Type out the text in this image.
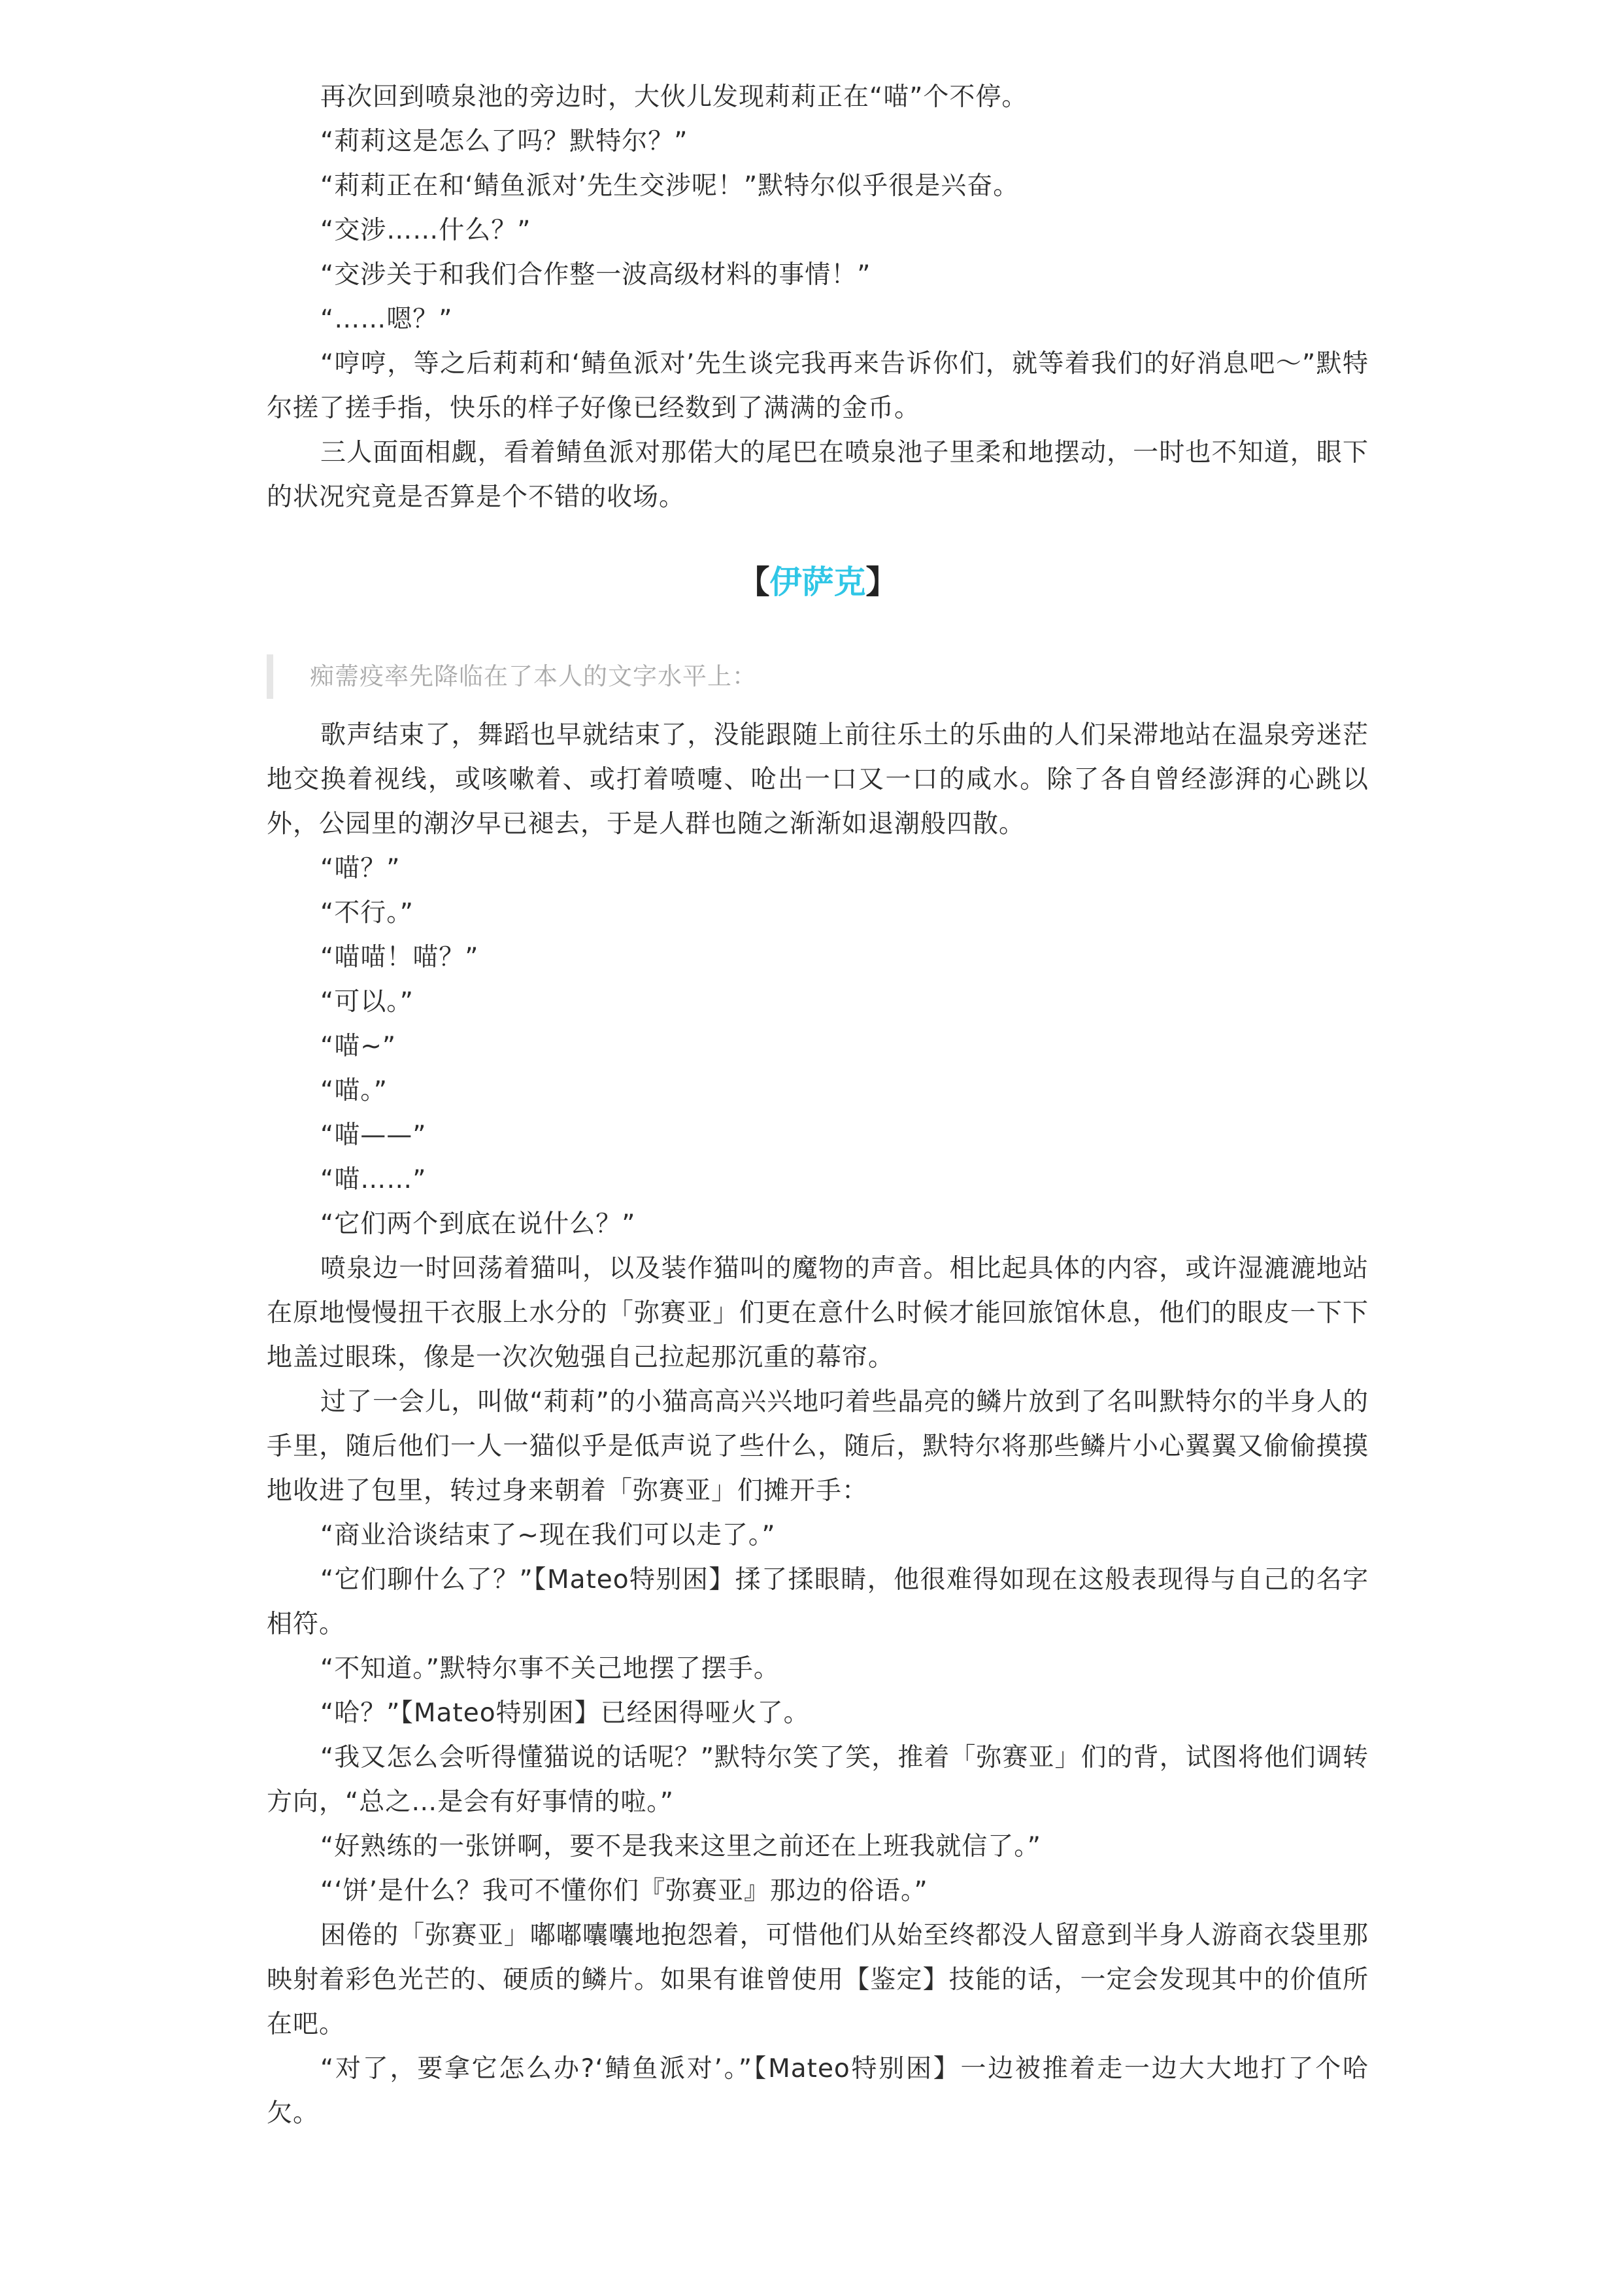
再次回到喷泉池的旁边时，大伙儿发现莉莉正在“喵”个不停。

“莉莉这是怎么了吗？默特尔？”

“莉莉正在和‘鲭鱼派对’先生交涉呢！”默特尔似乎很是兴奋。

“交涉……什么？”

“交涉关于和我们合作整一波高级材料的事情！”

“……嗯？”

“哼哼，等之后莉莉和‘鲭鱼派对’先生谈完我再来告诉你们，就等着我们的好消息吧～”默特尔搓了搓手指，快乐的样子好像已经数到了满满的金币。

三人面面相觑，看着鲭鱼派对那偌大的尾巴在喷泉池子里柔和地摆动，一时也不知道，眼下的状况究竟是否算是个不错的收场。

【伊萨克】
痴薷疫率先降临在了本人的文字水平上：

歌声结束了，舞蹈也早就结束了，没能跟随上前往乐土的乐曲的人们呆滞地站在温泉旁迷茫地交换着视线，或咳嗽着、或打着喷嚏、呛出一口又一口的咸水。除了各自曾经澎湃的心跳以外，公园里的潮汐早已褪去，于是人群也随之渐渐如退潮般四散。

“喵？”

“不行。”

“喵喵！喵？”

“可以。”

“喵~”

“喵。”

“喵——”

“喵……”

“它们两个到底在说什么？”

喷泉边一时回荡着猫叫，以及装作猫叫的魔物的声音。相比起具体的内容，或许湿漉漉地站在原地慢慢扭干衣服上水分的「弥赛亚」们更在意什么时候才能回旅馆休息，他们的眼皮一下下地盖过眼珠，像是一次次勉强自己拉起那沉重的幕帘。

过了一会儿，叫做“莉莉”的小猫高高兴兴地叼着些晶亮的鳞片放到了名叫默特尔的半身人的手里，随后他们一人一猫似乎是低声说了些什么，随后，默特尔将那些鳞片小心翼翼又偷偷摸摸地收进了包里，转过身来朝着「弥赛亚」们摊开手：

“商业洽谈结束了~现在我们可以走了。”

“它们聊什么了？”【Mateo特别困】揉了揉眼睛，他很难得如现在这般表现得与自己的名字相符。

“不知道。”默特尔事不关己地摆了摆手。

“哈？”【Mateo特别困】已经困得哑火了。

“我又怎么会听得懂猫说的话呢？”默特尔笑了笑，推着「弥赛亚」们的背，试图将他们调转方向，“总之…是会有好事情的啦。”

“好熟练的一张饼啊，要不是我来这里之前还在上班我就信了。”

“‘饼’是什么？我可不懂你们『弥赛亚』那边的俗语。”

困倦的「弥赛亚」嘟嘟囔囔地抱怨着，可惜他们从始至终都没人留意到半身人游商衣袋里那映射着彩色光芒的、硬质的鳞片。如果有谁曾使用【鉴定】技能的话，一定会发现其中的价值所在吧。

“对了，要拿它怎么办?‘鲭鱼派对’。”【Mateo特别困】一边被推着走一边大大地打了个哈欠。
